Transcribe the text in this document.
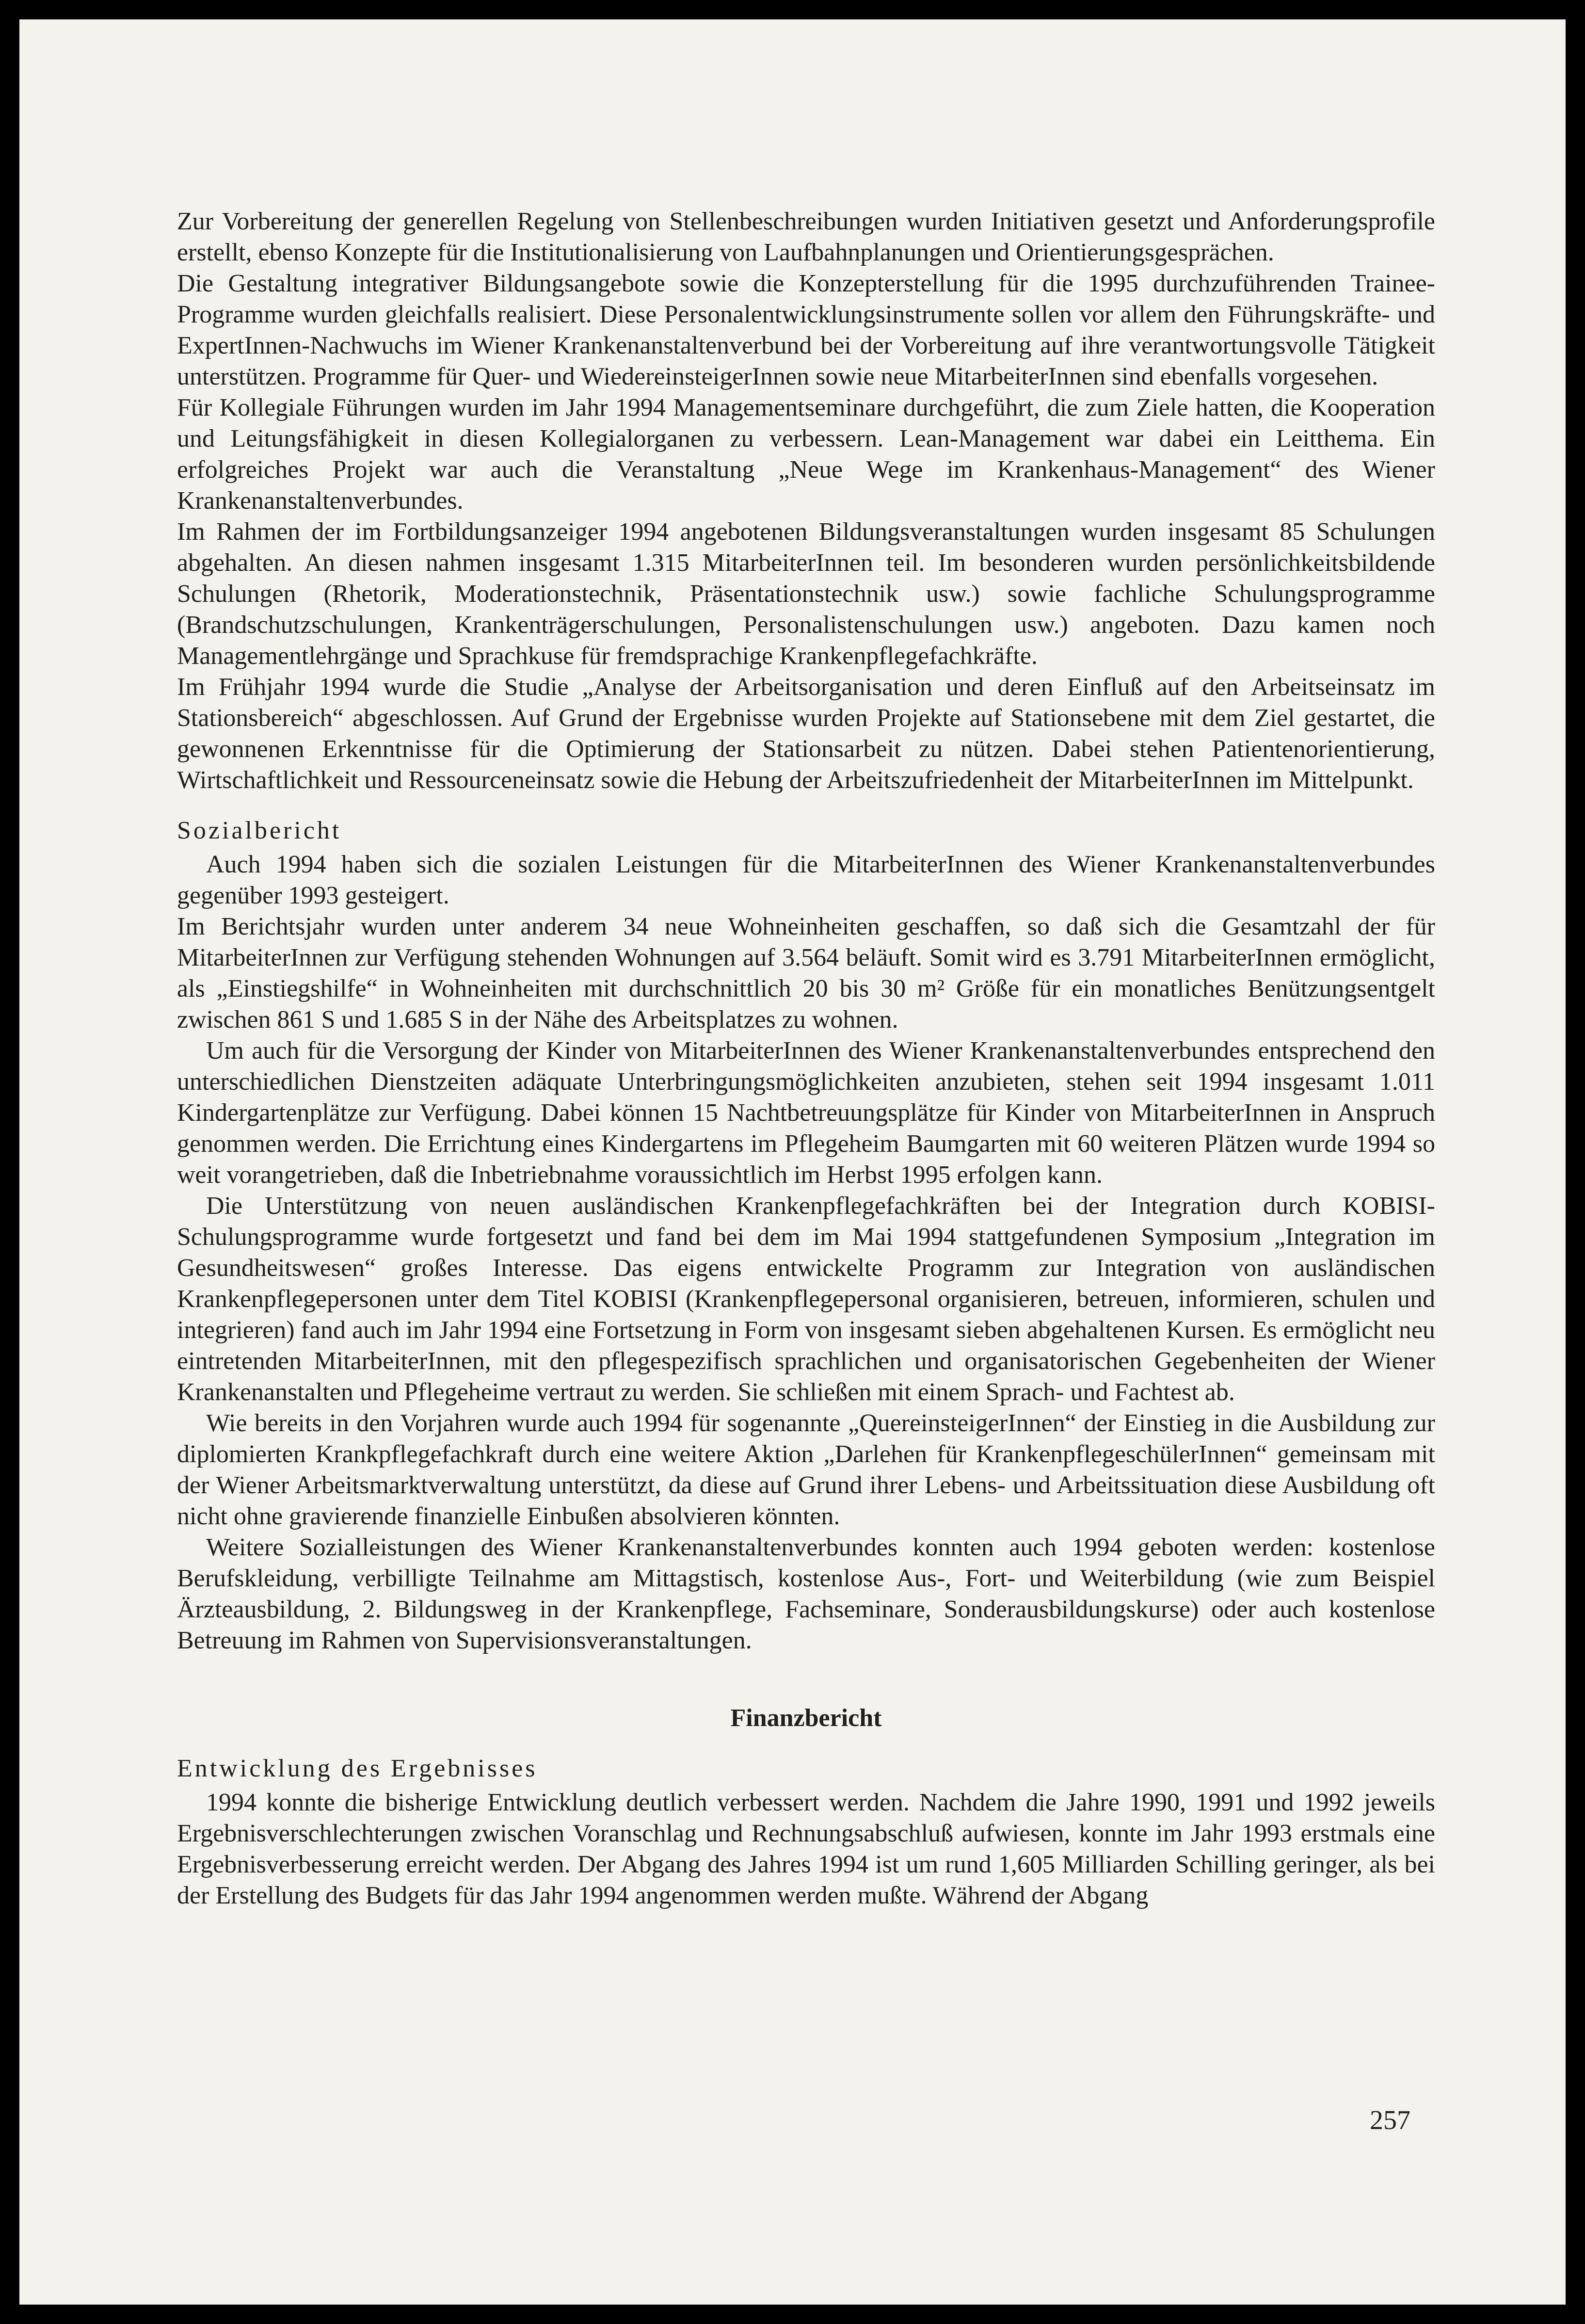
Zur Vorbereitung der generellen Regelung von Stellenbeschreibungen wurden Initiativen gesetzt und Anforderungsprofile erstellt, ebenso Konzepte für die Institutionalisierung von Laufbahnplanungen und Orientierungsgesprächen.

Die Gestaltung integrativer Bildungsangebote sowie die Konzepterstellung für die 1995 durchzuführenden Trainee-Programme wurden gleichfalls realisiert. Diese Personalentwicklungsinstrumente sollen vor allem den Führungskräfte- und ExpertInnen-Nachwuchs im Wiener Krankenanstaltenverbund bei der Vorbereitung auf ihre verantwortungsvolle Tätigkeit unterstützen. Programme für Quer- und WiedereinsteigerInnen sowie neue MitarbeiterInnen sind ebenfalls vorgesehen.

Für Kollegiale Führungen wurden im Jahr 1994 Managementseminare durchgeführt, die zum Ziele hatten, die Kooperation und Leitungsfähigkeit in diesen Kollegialorganen zu verbessern. Lean-Management war dabei ein Leitthema. Ein erfolgreiches Projekt war auch die Veranstaltung „Neue Wege im Krankenhaus-Management“ des Wiener Krankenanstaltenverbundes.

Im Rahmen der im Fortbildungsanzeiger 1994 angebotenen Bildungsveranstaltungen wurden insgesamt 85 Schulungen abgehalten. An diesen nahmen insgesamt 1.315 MitarbeiterInnen teil. Im besonderen wurden persönlichkeitsbildende Schulungen (Rhetorik, Moderationstechnik, Präsentationstechnik usw.) sowie fachliche Schulungsprogramme (Brandschutzschulungen, Krankenträgerschulungen, Personalistenschulungen usw.) angeboten. Dazu kamen noch Managementlehrgänge und Sprachkuse für fremdsprachige Krankenpflegefachkräfte.

Im Frühjahr 1994 wurde die Studie „Analyse der Arbeitsorganisation und deren Einfluß auf den Arbeitseinsatz im Stationsbereich“ abgeschlossen. Auf Grund der Ergebnisse wurden Projekte auf Stationsebene mit dem Ziel gestartet, die gewonnenen Erkenntnisse für die Optimierung der Stationsarbeit zu nützen. Dabei stehen Patientenorientierung, Wirtschaftlichkeit und Ressourceneinsatz sowie die Hebung der Arbeitszufriedenheit der MitarbeiterInnen im Mittelpunkt.

Sozialbericht

Auch 1994 haben sich die sozialen Leistungen für die MitarbeiterInnen des Wiener Krankenanstaltenverbundes gegenüber 1993 gesteigert.

Im Berichtsjahr wurden unter anderem 34 neue Wohneinheiten geschaffen, so daß sich die Gesamtzahl der für MitarbeiterInnen zur Verfügung stehenden Wohnungen auf 3.564 beläuft. Somit wird es 3.791 MitarbeiterInnen ermöglicht, als „Einstiegshilfe“ in Wohneinheiten mit durchschnittlich 20 bis 30 m² Größe für ein monatliches Benützungsentgelt zwischen 861 S und 1.685 S in der Nähe des Arbeitsplatzes zu wohnen.

Um auch für die Versorgung der Kinder von MitarbeiterInnen des Wiener Krankenanstaltenverbundes entsprechend den unterschiedlichen Dienstzeiten adäquate Unterbringungsmöglichkeiten anzubieten, stehen seit 1994 insgesamt 1.011 Kindergartenplätze zur Verfügung. Dabei können 15 Nachtbetreuungsplätze für Kinder von MitarbeiterInnen in Anspruch genommen werden. Die Errichtung eines Kindergartens im Pflegeheim Baumgarten mit 60 weiteren Plätzen wurde 1994 so weit vorangetrieben, daß die Inbetriebnahme voraussichtlich im Herbst 1995 erfolgen kann.

Die Unterstützung von neuen ausländischen Krankenpflegefachkräften bei der Integration durch KOBISI-Schulungsprogramme wurde fortgesetzt und fand bei dem im Mai 1994 stattgefundenen Symposium „Integration im Gesundheitswesen“ großes Interesse. Das eigens entwickelte Programm zur Integration von ausländischen Krankenpflegepersonen unter dem Titel KOBISI (Krankenpflegepersonal organisieren, betreuen, informieren, schulen und integrieren) fand auch im Jahr 1994 eine Fortsetzung in Form von insgesamt sieben abgehaltenen Kursen. Es ermöglicht neu eintretenden MitarbeiterInnen, mit den pflegespezifisch sprachlichen und organisatorischen Gegebenheiten der Wiener Krankenanstalten und Pflegeheime vertraut zu werden. Sie schließen mit einem Sprach- und Fachtest ab.

Wie bereits in den Vorjahren wurde auch 1994 für sogenannte „QuereinsteigerInnen“ der Einstieg in die Ausbildung zur diplomierten Krankpflegefachkraft durch eine weitere Aktion „Darlehen für KrankenpflegeschülerInnen“ gemeinsam mit der Wiener Arbeitsmarktverwaltung unterstützt, da diese auf Grund ihrer Lebens- und Arbeitssituation diese Ausbildung oft nicht ohne gravierende finanzielle Einbußen absolvieren könnten.

Weitere Sozialleistungen des Wiener Krankenanstaltenverbundes konnten auch 1994 geboten werden: kostenlose Berufskleidung, verbilligte Teilnahme am Mittagstisch, kostenlose Aus-, Fort- und Weiterbildung (wie zum Beispiel Ärzteausbildung, 2. Bildungsweg in der Krankenpflege, Fachseminare, Sonderausbildungskurse) oder auch kostenlose Betreuung im Rahmen von Supervisionsveranstaltungen.

Finanzbericht
Entwicklung des Ergebnisses

1994 konnte die bisherige Entwicklung deutlich verbessert werden. Nachdem die Jahre 1990, 1991 und 1992 jeweils Ergebnisverschlechterungen zwischen Voranschlag und Rechnungsabschluß aufwiesen, konnte im Jahr 1993 erstmals eine Ergebnisverbesserung erreicht werden. Der Abgang des Jahres 1994 ist um rund 1,605 Milliarden Schilling geringer, als bei der Erstellung des Budgets für das Jahr 1994 angenommen werden mußte. Während der Abgang

257
